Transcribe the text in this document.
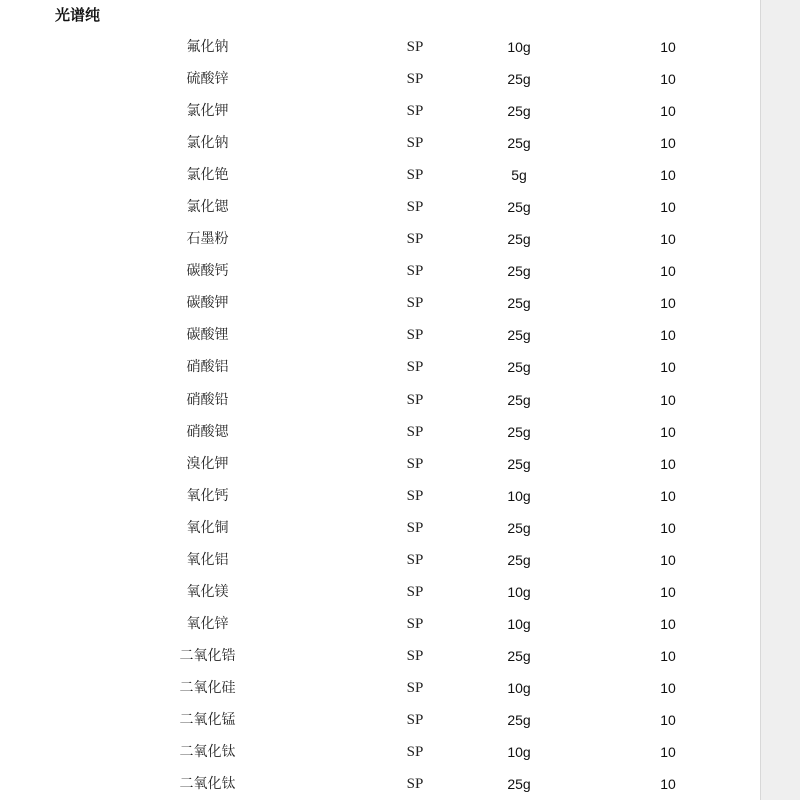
光谱纯
氟化钠	SP	10g	10
硫酸锌	SP	25g	10
氯化钾	SP	25g	10
氯化钠	SP	25g	10
氯化铯	SP	5g	10
氯化锶	SP	25g	10
石墨粉	SP	25g	10
碳酸钙	SP	25g	10
碳酸钾	SP	25g	10
碳酸锂	SP	25g	10
硝酸铝	SP	25g	10
硝酸铅	SP	25g	10
硝酸锶	SP	25g	10
溴化钾	SP	25g	10
氧化钙	SP	10g	10
氧化铜	SP	25g	10
氧化铝	SP	25g	10
氧化镁	SP	10g	10
氧化锌	SP	10g	10
二氧化锆	SP	25g	10
二氧化硅	SP	10g	10
二氧化锰	SP	25g	10
二氧化钛	SP	10g	10
二氧化钛	SP	25g	10
